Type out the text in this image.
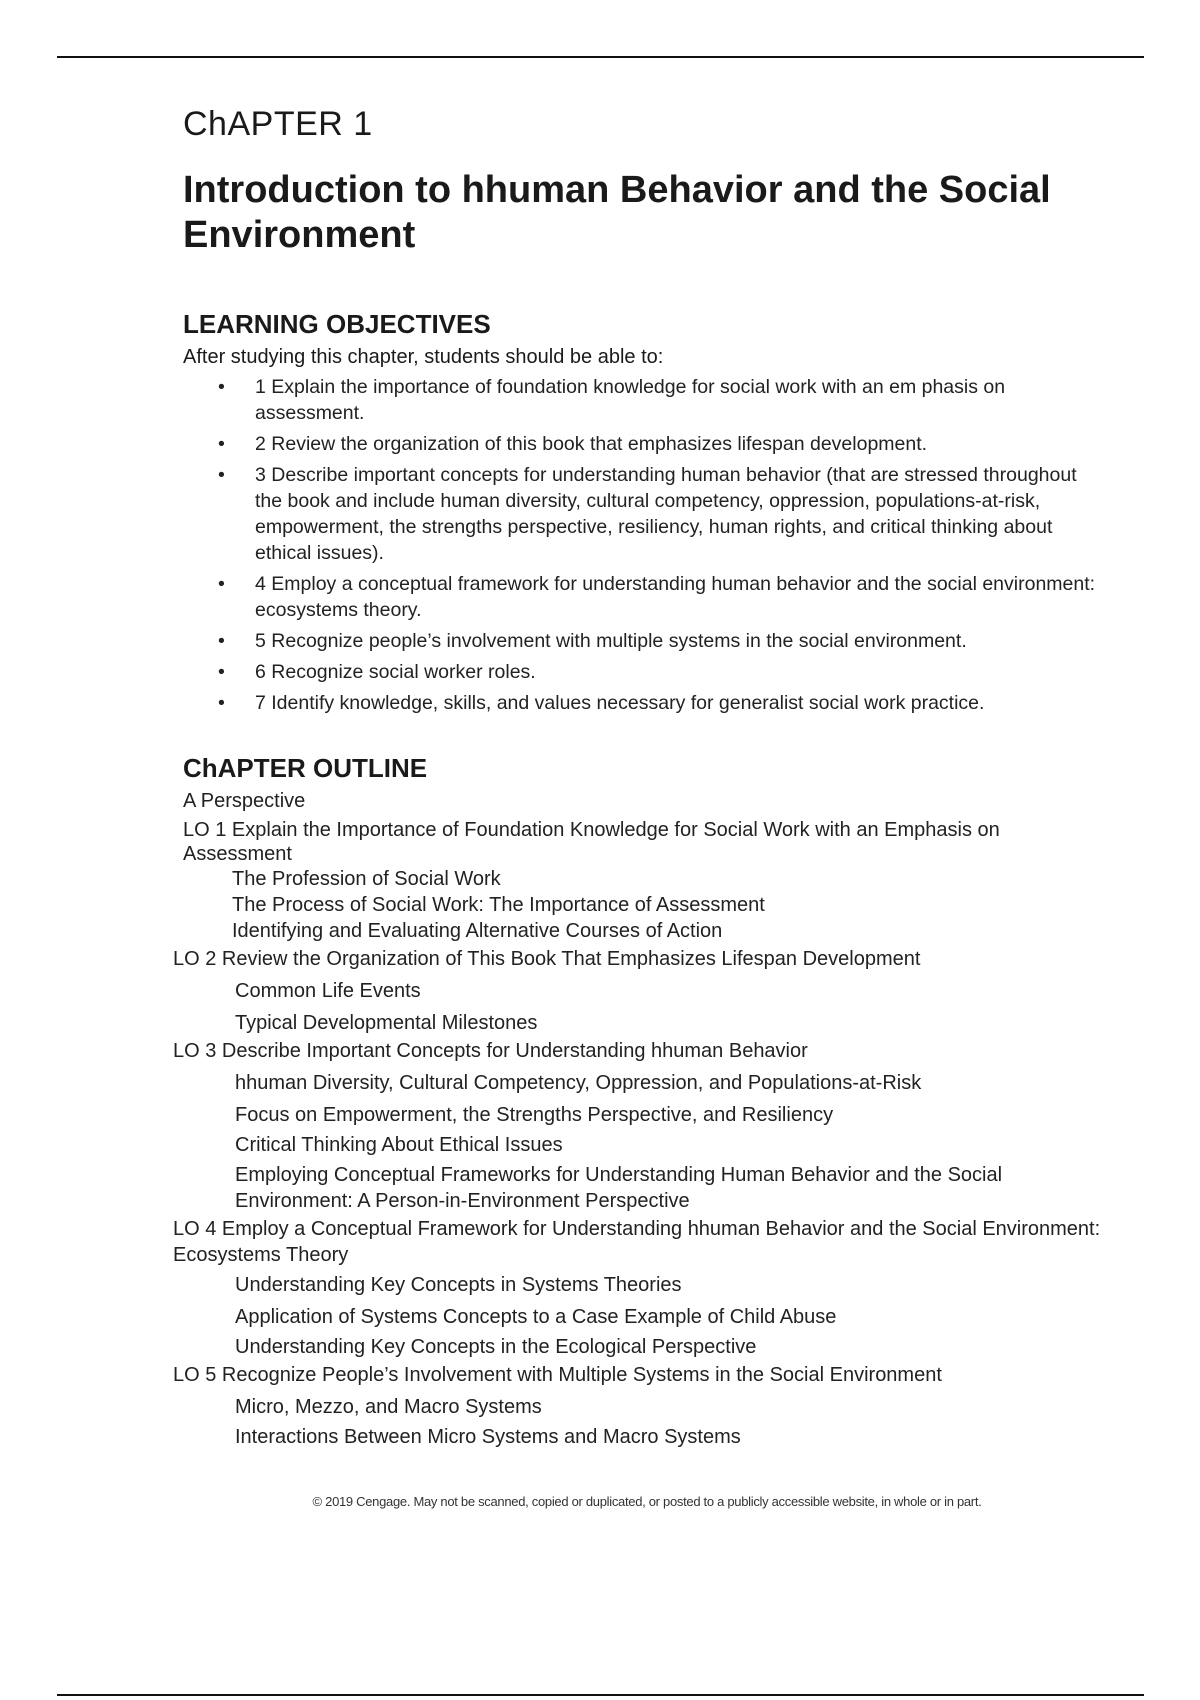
ChAPTER 1
Introduction to hhuman Behavior and the Social Environment
LEARNING OBJECTIVES

After studying this chapter, students should be able to:

• 1 Explain the importance of foundation knowledge for social work with an em phasis on assessment.
• 2 Review the organization of this book that emphasizes lifespan development.
• 3 Describe important concepts for understanding human behavior (that are stressed throughout the book and include human diversity, cultural competency, oppression, populations-at-risk, empowerment, the strengths perspective, resiliency, human rights, and critical thinking about ethical issues).
• 4 Employ a conceptual framework for understanding human behavior and the social environment: ecosystems theory.
• 5 Recognize people’s involvement with multiple systems in the social environment.
• 6 Recognize social worker roles.
• 7 Identify knowledge, skills, and values necessary for generalist social work practice.
ChAPTER OUTLINE
A Perspective
LO 1 Explain the Importance of Foundation Knowledge for Social Work with an Emphasis on Assessment
The Profession of Social Work
The Process of Social Work: The Importance of Assessment
Identifying and Evaluating Alternative Courses of Action
LO 2 Review the Organization of This Book That Emphasizes Lifespan Development
Common Life Events
Typical Developmental Milestones
LO 3 Describe Important Concepts for Understanding hhuman Behavior
hhuman Diversity, Cultural Competency, Oppression, and Populations-at-Risk
Focus on Empowerment, the Strengths Perspective, and Resiliency
Critical Thinking About Ethical Issues
Employing Conceptual Frameworks for Understanding Human Behavior and the Social Environment: A Person-in-Environment Perspective
LO 4 Employ a Conceptual Framework for Understanding hhuman Behavior and the Social Environment: Ecosystems Theory
Understanding Key Concepts in Systems Theories
Application of Systems Concepts to a Case Example of Child Abuse
Understanding Key Concepts in the Ecological Perspective
LO 5 Recognize People’s Involvement with Multiple Systems in the Social Environment
Micro, Mezzo, and Macro Systems
Interactions Between Micro Systems and Macro Systems
© 2019 Cengage. May not be scanned, copied or duplicated, or posted to a publicly accessible website, in whole or in part.
